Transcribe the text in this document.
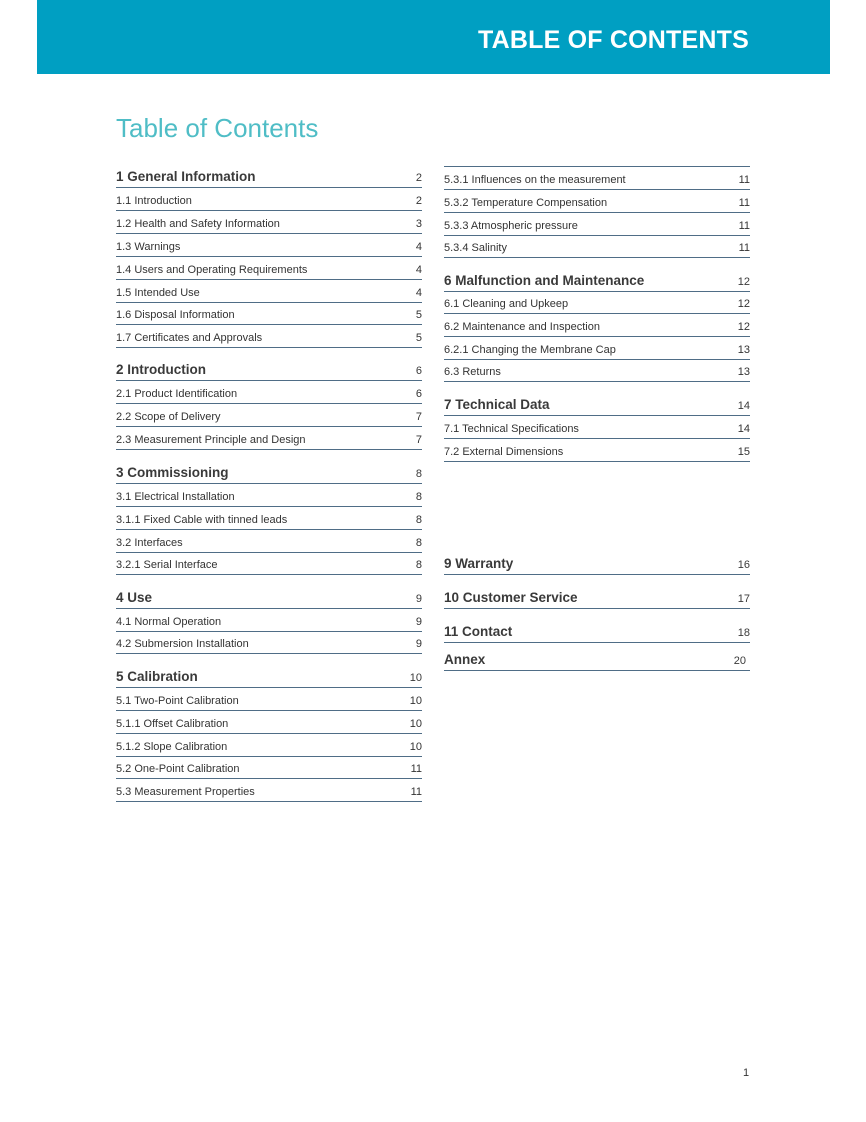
TABLE OF CONTENTS
Table of Contents
1 General Information	2
1.1 Introduction	2
1.2 Health and Safety Information	3
1.3 Warnings	4
1.4 Users and Operating Requirements	4
1.5 Intended Use	4
1.6 Disposal Information	5
1.7 Certificates and Approvals	5
2 Introduction	6
2.1 Product Identification	6
2.2 Scope of Delivery	7
2.3 Measurement Principle and Design	7
3 Commissioning	8
3.1 Electrical Installation	8
3.1.1 Fixed Cable with tinned leads	8
3.2 Interfaces	8
3.2.1 Serial Interface	8
4 Use	9
4.1 Normal Operation	9
4.2 Submersion Installation	9
5 Calibration	10
5.1 Two-Point Calibration	10
5.1.1 Offset Calibration	10
5.1.2 Slope Calibration	10
5.2 One-Point Calibration	11
5.3 Measurement Properties	11
5.3.1 Influences on the measurement	11
5.3.2 Temperature Compensation	11
5.3.3 Atmospheric pressure	11
5.3.4 Salinity	11
6 Malfunction and Maintenance	12
6.1 Cleaning and Upkeep	12
6.2 Maintenance and Inspection	12
6.2.1 Changing the Membrane Cap	13
6.3 Returns	13
7 Technical Data	14
7.1 Technical Specifications	14
7.2 External Dimensions	15
9 Warranty	16
10 Customer Service	17
11 Contact	18
Annex	20
1
